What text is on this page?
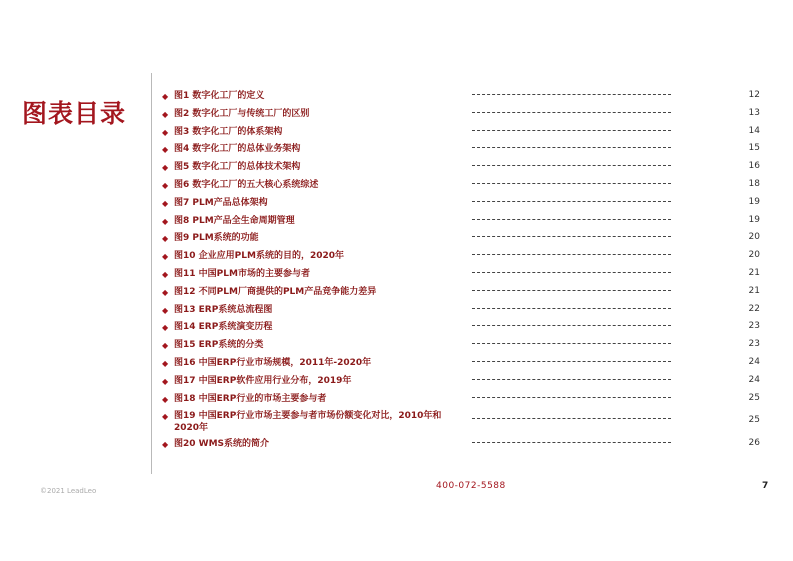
图表目录
◆ 图1 数字化工厂的定义	12
◆ 图2 数字化工厂与传统工厂的区别	13
◆ 图3 数字化工厂的体系架构	14
◆ 图4 数字化工厂的总体业务架构	15
◆ 图5 数字化工厂的总体技术架构	16
◆ 图6 数字化工厂的五大核心系统综述	18
◆ 图7 PLM产品总体架构	19
◆ 图8 PLM产品全生命周期管理	19
◆ 图9 PLM系统的功能	20
◆ 图10 企业应用PLM系统的目的，2020年	20
◆ 图11 中国PLM市场的主要参与者	21
◆ 图12 不同PLM厂商提供的PLM产品竞争能力差异	21
◆ 图13 ERP系统总流程图	22
◆ 图14 ERP系统演变历程	23
◆ 图15 ERP系统的分类	23
◆ 图16 中国ERP行业市场规模，2011年-2020年	24
◆ 图17 中国ERP软件应用行业分布，2019年	24
◆ 图18 中国ERP行业的市场主要参与者	25
◆ 图19 中国ERP行业市场主要参与者市场份额变化对比，2010年和2020年
25
◆ 图20 WMS系统的简介	26
©2021 LeadLeo	400-072-5588	7
